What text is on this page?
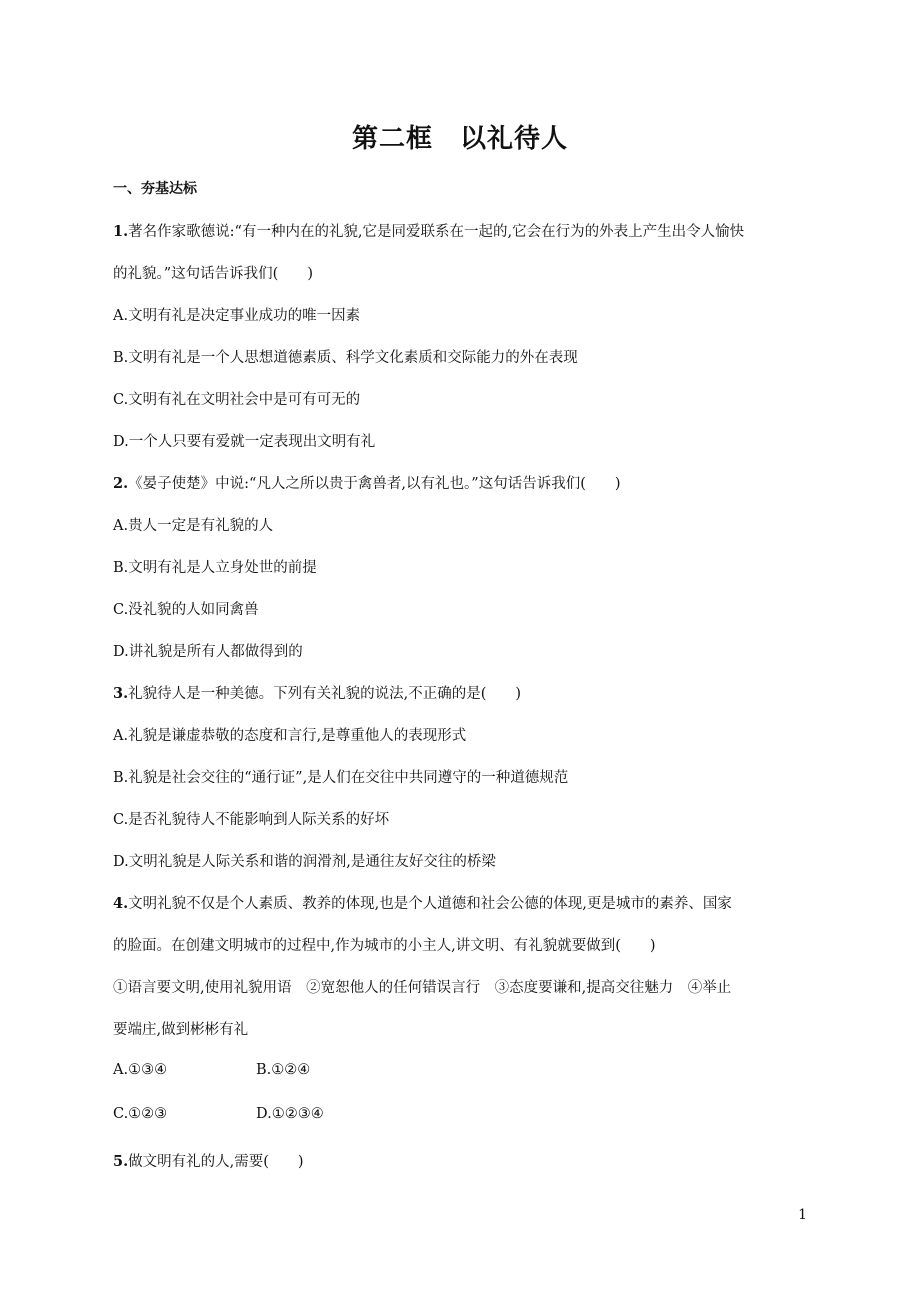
第二框　以礼待人
一、夯基达标
1.著名作家歌德说:“有一种内在的礼貌,它是同爱联系在一起的,它会在行为的外表上产生出令人愉快
的礼貌。”这句话告诉我们(　　)
A.文明有礼是决定事业成功的唯一因素
B.文明有礼是一个人思想道德素质、科学文化素质和交际能力的外在表现
C.文明有礼在文明社会中是可有可无的
D.一个人只要有爱就一定表现出文明有礼
2.《晏子使楚》中说:“凡人之所以贵于禽兽者,以有礼也。”这句话告诉我们(　　)
A.贵人一定是有礼貌的人
B.文明有礼是人立身处世的前提
C.没礼貌的人如同禽兽
D.讲礼貌是所有人都做得到的
3.礼貌待人是一种美德。下列有关礼貌的说法,不正确的是(　　)
A.礼貌是谦虚恭敬的态度和言行,是尊重他人的表现形式
B.礼貌是社会交往的“通行证”,是人们在交往中共同遵守的一种道德规范
C.是否礼貌待人不能影响到人际关系的好坏
D.文明礼貌是人际关系和谐的润滑剂,是通往友好交往的桥梁
4.文明礼貌不仅是个人素质、教养的体现,也是个人道德和社会公德的体现,更是城市的素养、国家
的脸面。在创建文明城市的过程中,作为城市的小主人,讲文明、有礼貌就要做到(　　)
①语言要文明,使用礼貌用语　②宽恕他人的任何错误言行　③态度要谦和,提高交往魅力　④举止
要端庄,做到彬彬有礼
A.①③④	B.①②④
C.①②③	D.①②③④
5.做文明有礼的人,需要(　　)
1
